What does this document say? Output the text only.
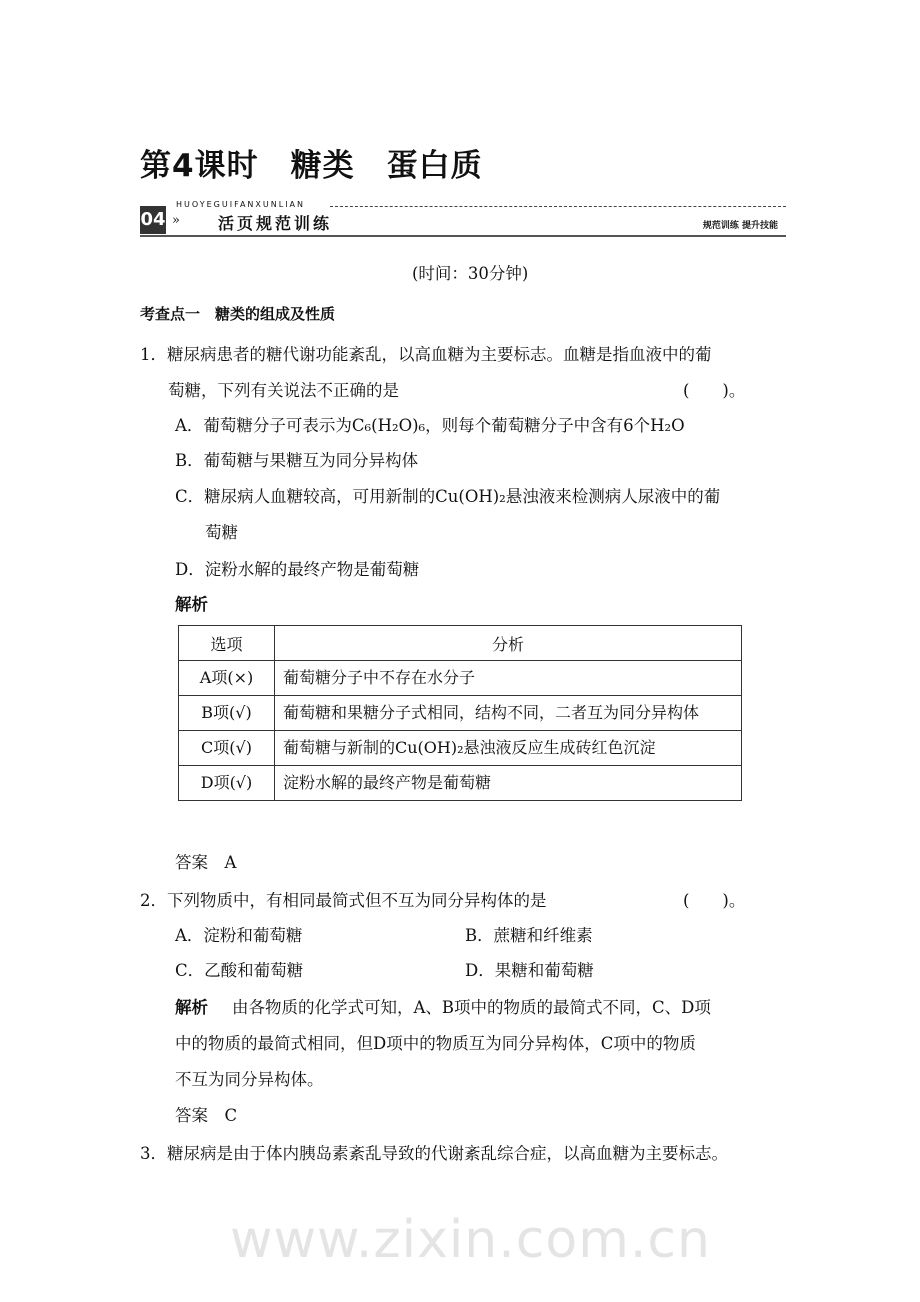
www.zixin.com.cn
第4课时　糖类　蛋白质
04
HUOYEGUIFANXUNLIAN
» 活页规范训练	规范训练 提升技能
(时间：30分钟)
考查点一　糖类的组成及性质
1．糖尿病患者的糖代谢功能紊乱，以高血糖为主要标志。血糖是指血液中的葡
萄糖，下列有关说法不正确的是	(　　)。
A．葡萄糖分子可表示为C₆(H₂O)₆，则每个葡萄糖分子中含有6个H₂O
B．葡萄糖与果糖互为同分异构体
C．糖尿病人血糖较高，可用新制的Cu(OH)₂悬浊液来检测病人尿液中的葡
萄糖
D．淀粉水解的最终产物是葡萄糖
解析
选项	分析
A项(×)	葡萄糖分子中不存在水分子
B项(√)	葡萄糖和果糖分子式相同，结构不同，二者互为同分异构体
C项(√)	葡萄糖与新制的Cu(OH)₂悬浊液反应生成砖红色沉淀
D项(√)	淀粉水解的最终产物是葡萄糖
答案　A
2．下列物质中，有相同最简式但不互为同分异构体的是	(　　)。
A．淀粉和葡萄糖	B．蔗糖和纤维素
C．乙酸和葡萄糖	D．果糖和葡萄糖
解析 由各物质的化学式可知，A、B项中的物质的最简式不同，C、D项
中的物质的最简式相同，但D项中的物质互为同分异构体，C项中的物质
不互为同分异构体。
答案　C
3．糖尿病是由于体内胰岛素紊乱导致的代谢紊乱综合症，以高血糖为主要标志。
